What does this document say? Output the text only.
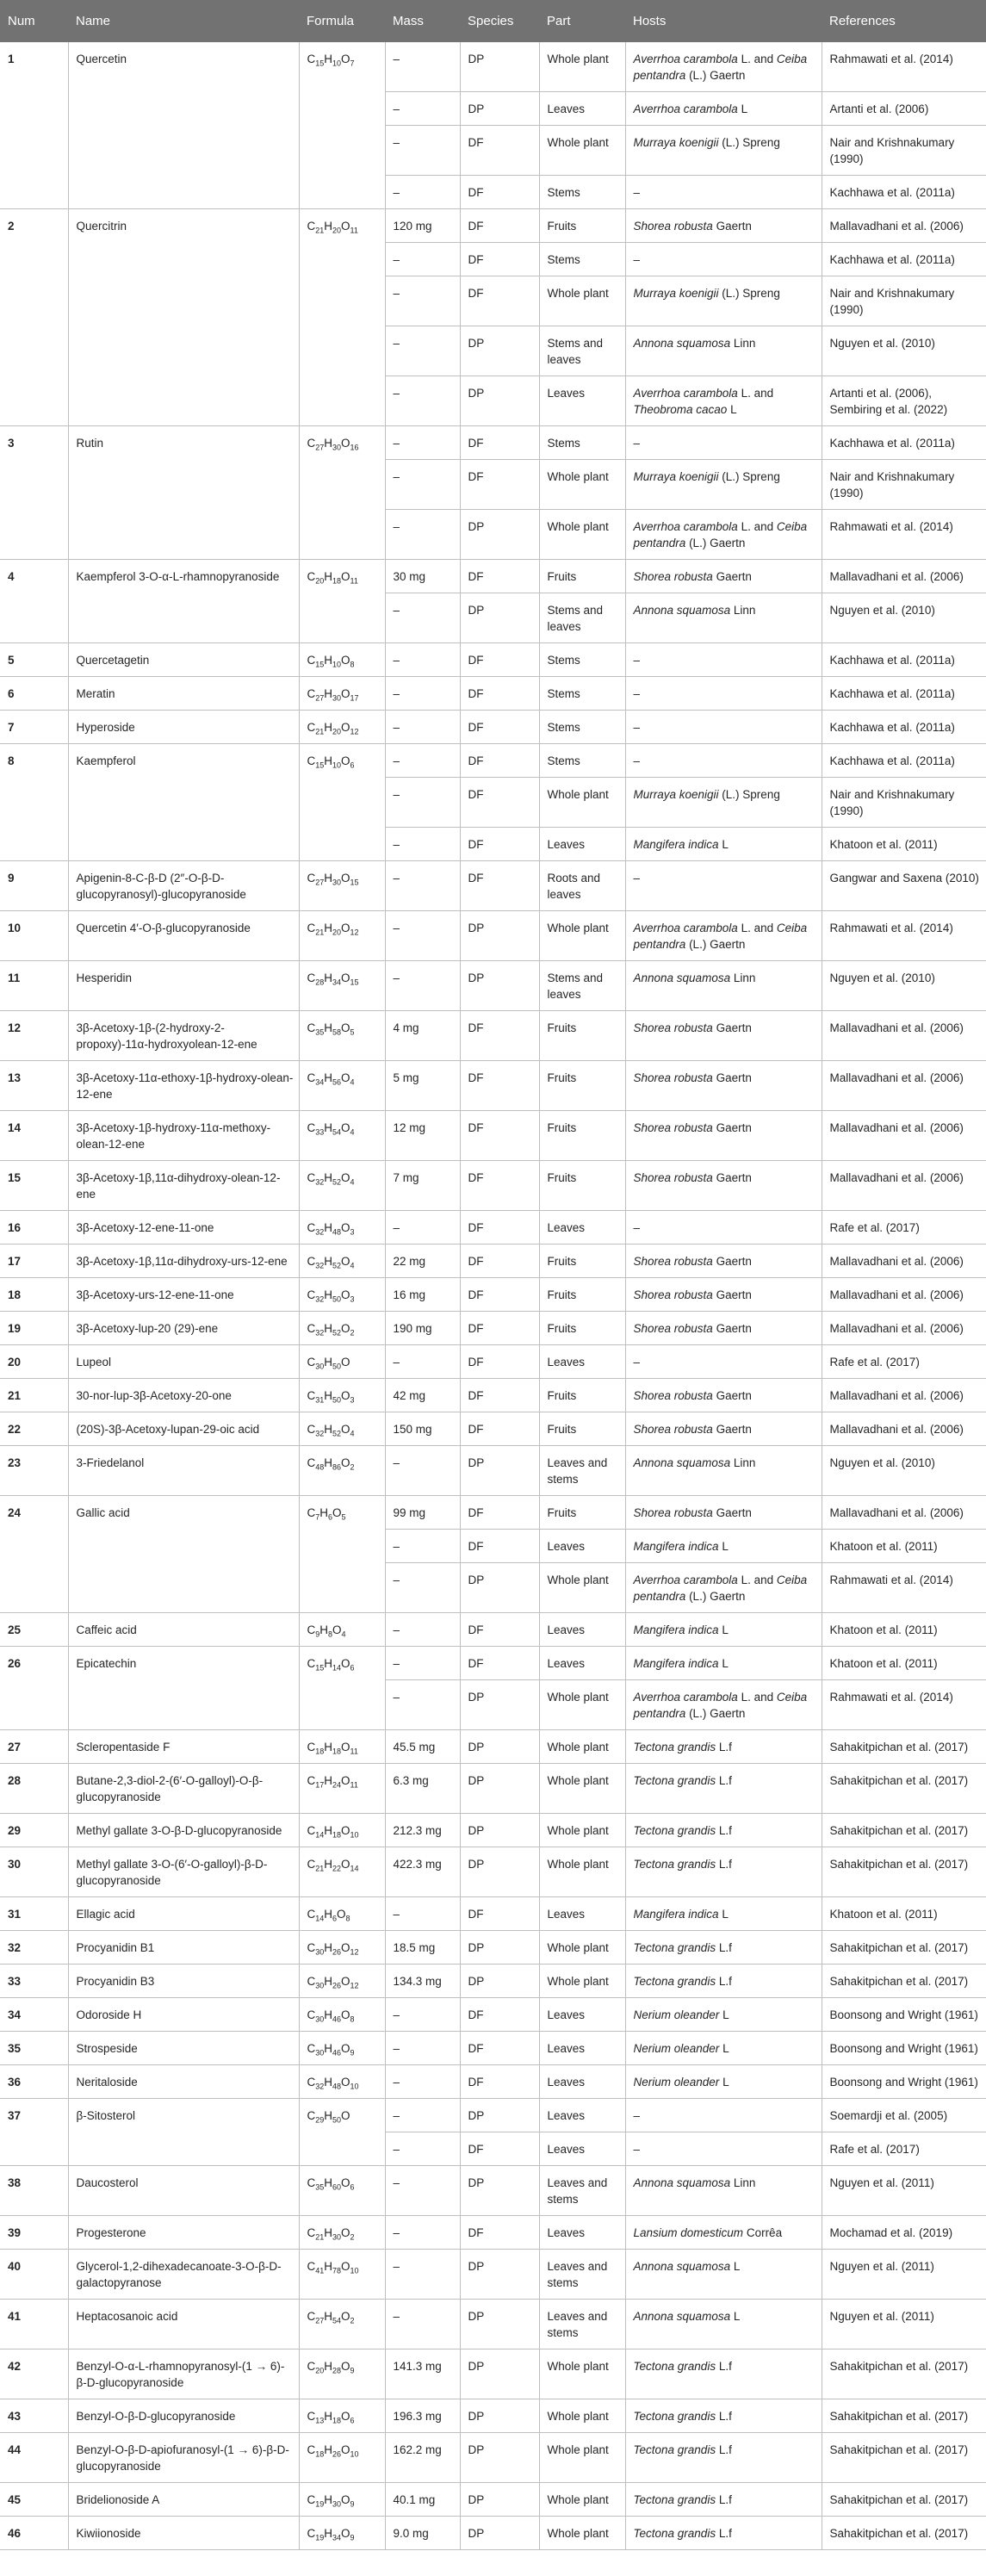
Num	Name	Formula	Mass	Species	Part	Hosts	References
1	Quercetin	$C_{15}H_{10}O_7$	–	DP	Whole plant	Averrhoa carambola L. and Ceiba pentandra (L.) Gaertn	Rahmawati et al. (2014)
			–	DP	Leaves	Averrhoa carambola L	Artanti et al. (2006)
			–	DF	Whole plant	Murraya koenigii (L.) Spreng	Nair and Krishnakumary (1990)
			–	DF	Stems	–	Kachhawa et al. (2011a)
2	Quercitrin	$C_{21}H_{20}O_{11}$	120 mg	DF	Fruits	Shorea robusta Gaertn	Mallavadhani et al. (2006)
			–	DF	Stems	–	Kachhawa et al. (2011a)
			–	DF	Whole plant	Murraya koenigii (L.) Spreng	Nair and Krishnakumary (1990)
			–	DP	Stems and leaves	Annona squamosa Linn	Nguyen et al. (2010)
			–	DP	Leaves	Averrhoa carambola L. and Theobroma cacao L	Artanti et al. (2006), Sembiring et al. (2022)
3	Rutin	$C_{27}H_{30}O_{16}$	–	DF	Stems	–	Kachhawa et al. (2011a)
			–	DF	Whole plant	Murraya koenigii (L.) Spreng	Nair and Krishnakumary (1990)
			–	DP	Whole plant	Averrhoa carambola L. and Ceiba pentandra (L.) Gaertn	Rahmawati et al. (2014)
4	Kaempferol 3-O-α-L-rhamnopyranoside	$C_{20}H_{18}O_{11}$	30 mg	DF	Fruits	Shorea robusta Gaertn	Mallavadhani et al. (2006)
			–	DP	Stems and leaves	Annona squamosa Linn	Nguyen et al. (2010)
5	Quercetagetin	$C_{15}H_{10}O_8$	–	DF	Stems	–	Kachhawa et al. (2011a)
6	Meratin	$C_{27}H_{30}O_{17}$	–	DF	Stems	–	Kachhawa et al. (2011a)
7	Hyperoside	$C_{21}H_{20}O_{12}$	–	DF	Stems	–	Kachhawa et al. (2011a)
8	Kaempferol	$C_{15}H_{10}O_6$	–	DF	Stems	–	Kachhawa et al. (2011a)
			–	DF	Whole plant	Murraya koenigii (L.) Spreng	Nair and Krishnakumary (1990)
			–	DF	Leaves	Mangifera indica L	Khatoon et al. (2011)
9	Apigenin-8-C-β-D (2″-O-β-D-glucopyranosyl)-glucopyranoside	$C_{27}H_{30}O_{15}$	–	DF	Roots and leaves	–	Gangwar and Saxena (2010)
10	Quercetin 4′-O-β-glucopyranoside	$C_{21}H_{20}O_{12}$	–	DP	Whole plant	Averrhoa carambola L. and Ceiba pentandra (L.) Gaertn	Rahmawati et al. (2014)
11	Hesperidin	$C_{28}H_{34}O_{15}$	–	DP	Stems and leaves	Annona squamosa Linn	Nguyen et al. (2010)
12	3β-Acetoxy-1β-(2-hydroxy-2-propoxy)-11α-hydroxyolean-12-ene	$C_{35}H_{58}O_5$	4 mg	DF	Fruits	Shorea robusta Gaertn	Mallavadhani et al. (2006)
13	3β-Acetoxy-11α-ethoxy-1β-hydroxy-olean-12-ene	$C_{34}H_{56}O_4$	5 mg	DF	Fruits	Shorea robusta Gaertn	Mallavadhani et al. (2006)
14	3β-Acetoxy-1β-hydroxy-11α-methoxy-olean-12-ene	$C_{33}H_{54}O_4$	12 mg	DF	Fruits	Shorea robusta Gaertn	Mallavadhani et al. (2006)
15	3β-Acetoxy-1β,11α-dihydroxy-olean-12-ene	$C_{32}H_{52}O_4$	7 mg	DF	Fruits	Shorea robusta Gaertn	Mallavadhani et al. (2006)
16	3β-Acetoxy-12-ene-11-one	$C_{32}H_{48}O_3$	–	DF	Leaves	–	Rafe et al. (2017)
17	3β-Acetoxy-1β,11α-dihydroxy-urs-12-ene	$C_{32}H_{52}O_4$	22 mg	DF	Fruits	Shorea robusta Gaertn	Mallavadhani et al. (2006)
18	3β-Acetoxy-urs-12-ene-11-one	$C_{32}H_{50}O_3$	16 mg	DF	Fruits	Shorea robusta Gaertn	Mallavadhani et al. (2006)
19	3β-Acetoxy-lup-20 (29)-ene	$C_{32}H_{52}O_2$	190 mg	DF	Fruits	Shorea robusta Gaertn	Mallavadhani et al. (2006)
20	Lupeol	$C_{30}H_{50}O$	–	DF	Leaves	–	Rafe et al. (2017)
21	30-nor-lup-3β-Acetoxy-20-one	$C_{31}H_{50}O_3$	42 mg	DF	Fruits	Shorea robusta Gaertn	Mallavadhani et al. (2006)
22	(20S)-3β-Acetoxy-lupan-29-oic acid	$C_{32}H_{52}O_4$	150 mg	DF	Fruits	Shorea robusta Gaertn	Mallavadhani et al. (2006)
23	3-Friedelanol	$C_{48}H_{86}O_2$	–	DP	Leaves and stems	Annona squamosa Linn	Nguyen et al. (2010)
24	Gallic acid	$C_7H_6O_5$	99 mg	DF	Fruits	Shorea robusta Gaertn	Mallavadhani et al. (2006)
			–	DF	Leaves	Mangifera indica L	Khatoon et al. (2011)
			–	DP	Whole plant	Averrhoa carambola L. and Ceiba pentandra (L.) Gaertn	Rahmawati et al. (2014)
25	Caffeic acid	$C_9H_8O_4$	–	DF	Leaves	Mangifera indica L	Khatoon et al. (2011)
26	Epicatechin	$C_{15}H_{14}O_6$	–	DF	Leaves	Mangifera indica L	Khatoon et al. (2011)
			–	DP	Whole plant	Averrhoa carambola L. and Ceiba pentandra (L.) Gaertn	Rahmawati et al. (2014)
27	Scleropentaside F	$C_{18}H_{18}O_{11}$	45.5 mg	DP	Whole plant	Tectona grandis L.f	Sahakitpichan et al. (2017)
28	Butane-2,3-diol-2-(6′-O-galloyl)-O-β-glucopyranoside	$C_{17}H_{24}O_{11}$	6.3 mg	DP	Whole plant	Tectona grandis L.f	Sahakitpichan et al. (2017)
29	Methyl gallate 3-O-β-D-glucopyranoside	$C_{14}H_{18}O_{10}$	212.3 mg	DP	Whole plant	Tectona grandis L.f	Sahakitpichan et al. (2017)
30	Methyl gallate 3-O-(6′-O-galloyl)-β-D-glucopyranoside	$C_{21}H_{22}O_{14}$	422.3 mg	DP	Whole plant	Tectona grandis L.f	Sahakitpichan et al. (2017)
31	Ellagic acid	$C_{14}H_6O_8$	–	DF	Leaves	Mangifera indica L	Khatoon et al. (2011)
32	Procyanidin B1	$C_{30}H_{26}O_{12}$	18.5 mg	DP	Whole plant	Tectona grandis L.f	Sahakitpichan et al. (2017)
33	Procyanidin B3	$C_{30}H_{26}O_{12}$	134.3 mg	DP	Whole plant	Tectona grandis L.f	Sahakitpichan et al. (2017)
34	Odoroside H	$C_{30}H_{46}O_8$	–	DF	Leaves	Nerium oleander L	Boonsong and Wright (1961)
35	Strospeside	$C_{30}H_{46}O_9$	–	DF	Leaves	Nerium oleander L	Boonsong and Wright (1961)
36	Neritaloside	$C_{32}H_{48}O_{10}$	–	DF	Leaves	Nerium oleander L	Boonsong and Wright (1961)
37	β-Sitosterol	$C_{29}H_{50}O$	–	DP	Leaves	–	Soemardji et al. (2005)
			–	DF	Leaves	–	Rafe et al. (2017)
38	Daucosterol	$C_{35}H_{60}O_6$	–	DP	Leaves and stems	Annona squamosa Linn	Nguyen et al. (2011)
39	Progesterone	$C_{21}H_{30}O_2$	–	DF	Leaves	Lansium domesticum Corrêa	Mochamad et al. (2019)
40	Glycerol-1,2-dihexadecanoate-3-O-β-D-galactopyranose	$C_{41}H_{78}O_{10}$	–	DP	Leaves and stems	Annona squamosa L	Nguyen et al. (2011)
41	Heptacosanoic acid	$C_{27}H_{54}O_2$	–	DP	Leaves and stems	Annona squamosa L	Nguyen et al. (2011)
42	Benzyl-O-α-L-rhamnopyranosyl-(1 → 6)-β-D-glucopyranoside	$C_{20}H_{28}O_9$	141.3 mg	DP	Whole plant	Tectona grandis L.f	Sahakitpichan et al. (2017)
43	Benzyl-O-β-D-glucopyranoside	$C_{13}H_{18}O_6$	196.3 mg	DP	Whole plant	Tectona grandis L.f	Sahakitpichan et al. (2017)
44	Benzyl-O-β-D-apiofuranosyl-(1 → 6)-β-D-glucopyranoside	$C_{18}H_{26}O_{10}$	162.2 mg	DP	Whole plant	Tectona grandis L.f	Sahakitpichan et al. (2017)
45	Bridelionoside A	$C_{19}H_{30}O_9$	40.1 mg	DP	Whole plant	Tectona grandis L.f	Sahakitpichan et al. (2017)
46	Kiwiionoside	$C_{19}H_{34}O_9$	9.0 mg	DP	Whole plant	Tectona grandis L.f	Sahakitpichan et al. (2017)
